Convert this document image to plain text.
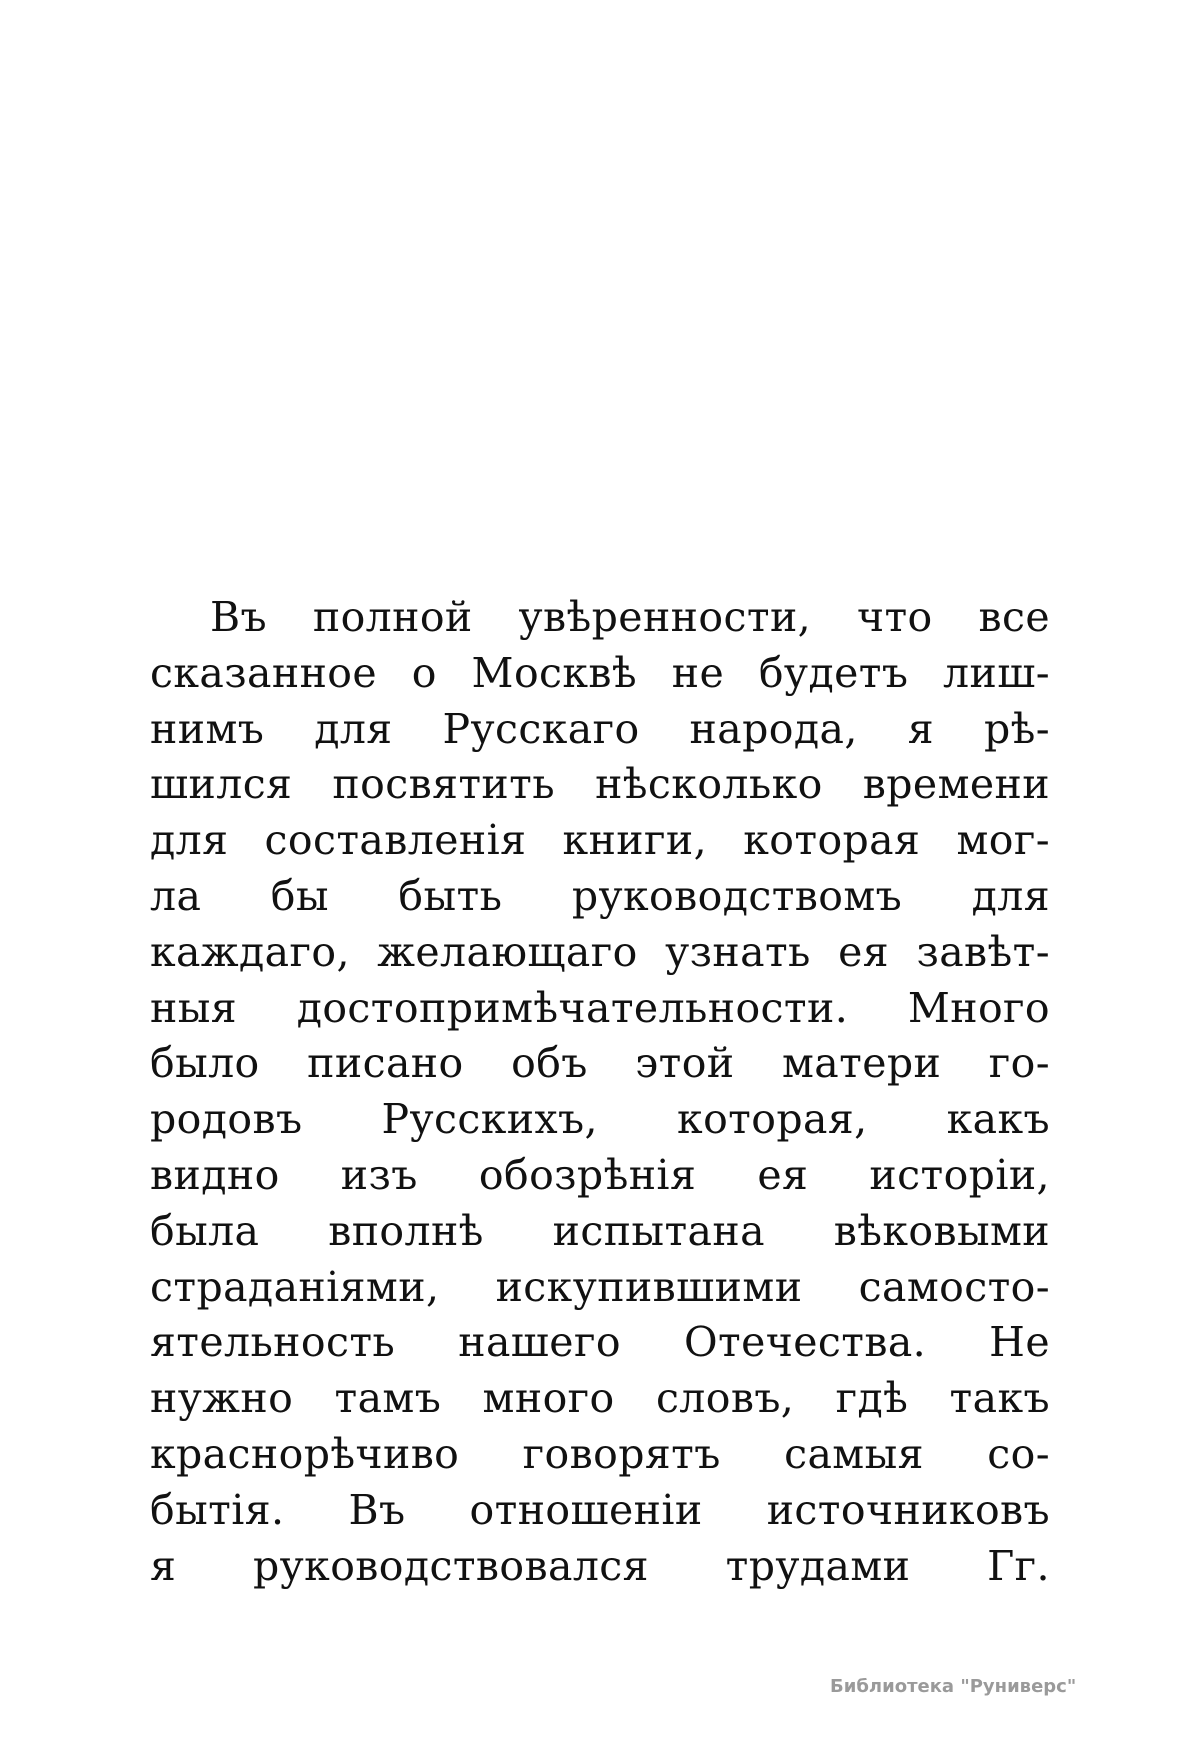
Въ полной увѣренности, что все
сказанное о Москвѣ не будетъ лиш-
нимъ для Русскаго народа, я рѣ-
шился посвятить нѣсколько времени
для составленія книги, которая мог-
ла бы быть руководствомъ для
каждаго, желающаго узнать ея завѣт-
ныя достопримѣчательности. Много
было писано объ этой матери го-
родовъ Русскихъ, которая, какъ
видно изъ обозрѣнія ея исторіи,
была вполнѣ испытана вѣковыми
страданіями, искупившими самосто-
ятельность нашего Отечества. Не
нужно тамъ много словъ, гдѣ такъ
краснорѣчиво говорятъ самыя со-
бытія. Въ отношеніи источниковъ
я руководствовался трудами Гг.
Библиотека "Руниверс"
